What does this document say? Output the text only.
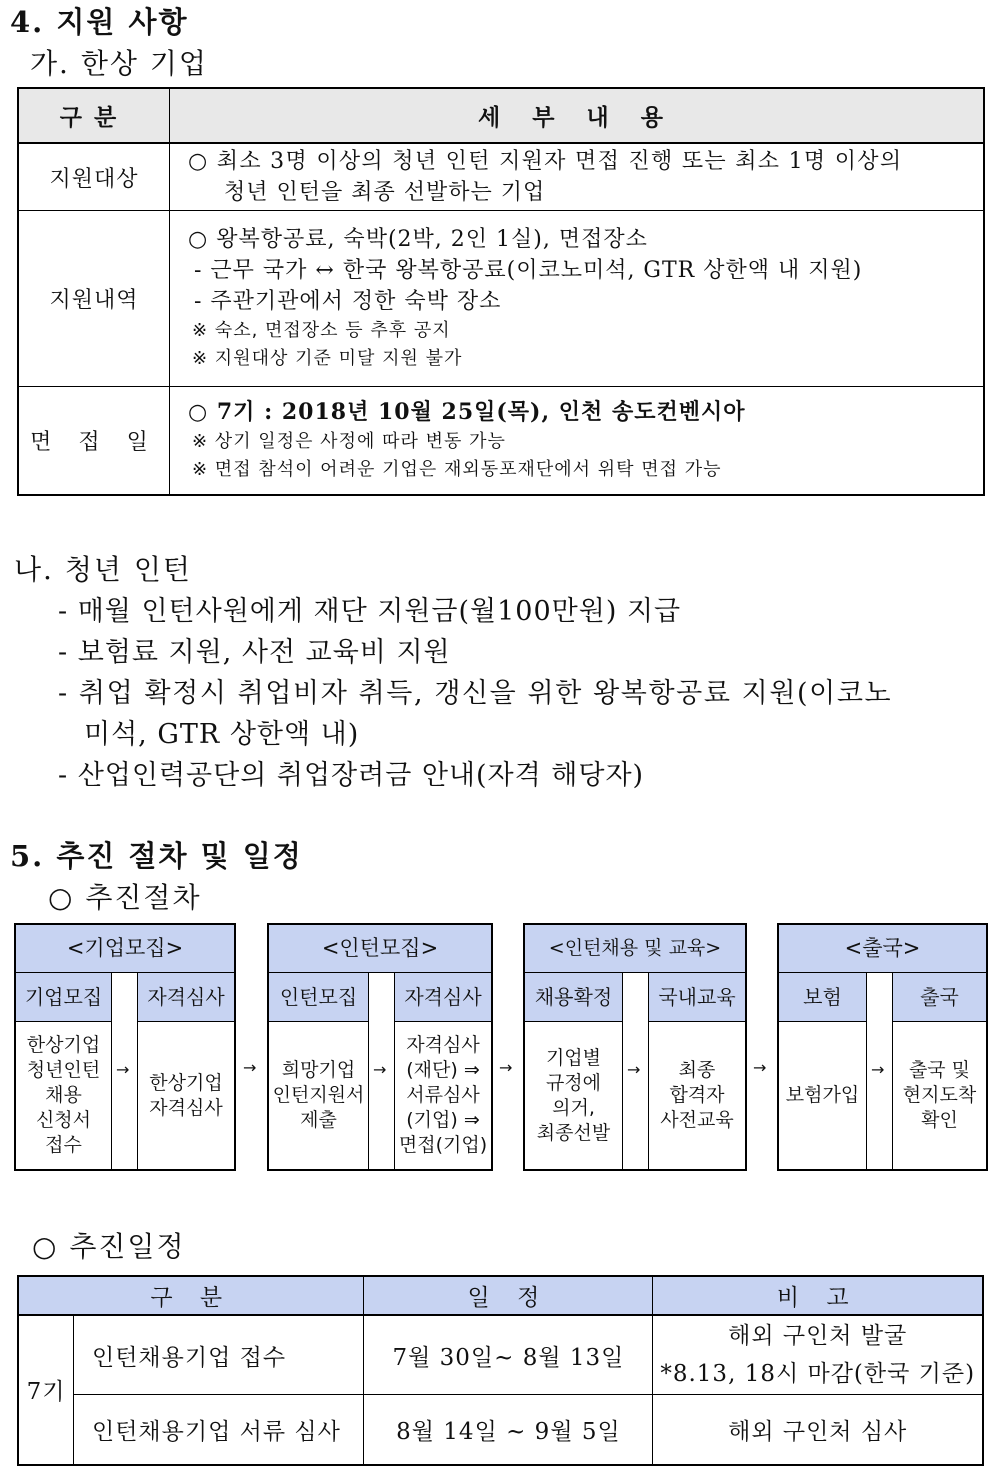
4. 지원 사항
가. 한상 기업
구분	세 부 내 용
지원대상	○ 최소 3명 이상의 청년 인턴 지원자 면접 진행 또는 최소 1명 이상의
청년 인턴을 최종 선발하는 기업

지원내역	○ 왕복항공료, 숙박(2박, 2인 1실), 면접장소
- 근무 국가 ↔ 한국 왕복항공료(이코노미석, GTR 상한액 내 지원)
- 주관기관에서 정한 숙박 장소
※ 숙소, 면접장소 등 추후 공지
※ 지원대상 기준 미달 지원 불가

면 접 일	○ 7기 : 2018년 10월 25일(목), 인천 송도컨벤시아
※ 상기 일정은 사정에 따라 변동 가능
※ 면접 참석이 어려운 기업은 재외동포재단에서 위탁 면접 가능
나. 청년 인턴
- 매월 인턴사원에게 재단 지원금(월100만원) 지급
- 보험료 지원, 사전 교육비 지원
- 취업 확정시 취업비자 취득, 갱신을 위한 왕복항공료 지원(이코노
미석, GTR 상한액 내)
- 산업인력공단의 취업장려금 안내(자격 해당자)
5. 추진 절차 및 일정
○ 추진절차
<기업모집>
기업모집	자격심사
한상기업
청년인턴
채용
신청서
접수
→
한상기업
자격심사
→
<인턴모집>
인턴모집	자격심사
희망기업
인턴지원서
제출
→
자격심사
(재단) ⇒
서류심사
(기업) ⇒
면접(기업)
→
<인턴채용 및 교육>
채용확정	국내교육
기업별
규정에
의거,
최종선발
→	최종
합격자
사전교육
→
<출국>
보험	출국
보험가입
→	출국 및
현지도착
확인
○ 추진일정
구 분		일 정	비 고
7기	인턴채용기업 접수	7월 30일~ 8월 13일	해외 구인처 발굴
*8.13, 18시 마감(한국 기준)

	인턴채용기업 서류 심사	8월 14일 ~ 9월 5일	해외 구인처 심사
